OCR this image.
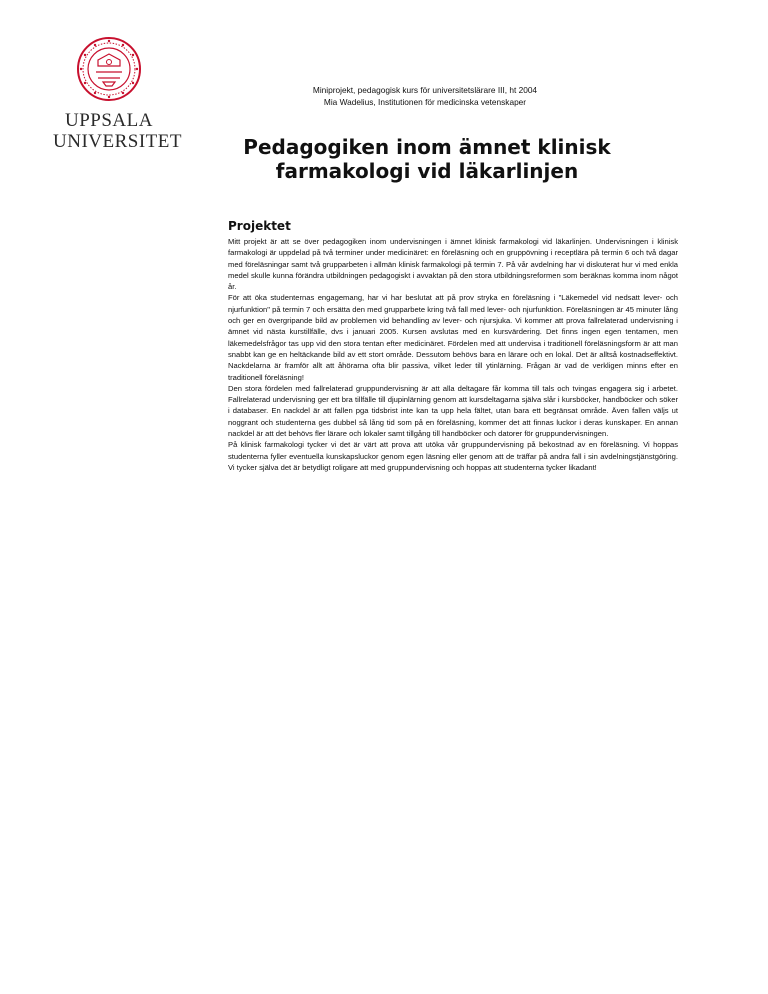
UPPSALA
UNIVERSITET
Miniprojekt, pedagogisk kurs för universitetslärare III, ht 2004
Mia Wadelius, Institutionen för medicinska vetenskaper
Pedagogiken inom ämnet klinisk farmakologi vid läkarlinjen
Projektet

Mitt projekt är att se över pedagogiken inom undervisningen i ämnet klinisk farmakologi vid läkarlinjen. Undervisningen i klinisk farmakologi är uppdelad på två terminer under medicinäret: en föreläsning och en gruppövning i receptlära på termin 6 och två dagar med föreläsningar samt två grupparbeten i allmän klinisk farmakologi på termin 7. På vår avdelning har vi diskuterat hur vi med enkla medel skulle kunna förändra utbildningen pedagogiskt i avvaktan på den stora utbildningsreformen som beräknas komma inom något år.

För att öka studenternas engagemang, har vi har beslutat att på prov stryka en föreläsning i "Läkemedel vid nedsatt lever- och njurfunktion" på termin 7 och ersätta den med grupparbete kring två fall med lever- och njurfunktion. Föreläsningen är 45 minuter lång och ger en övergripande bild av problemen vid behandling av lever- och njursjuka. Vi kommer att prova fallrelaterad undervisning i ämnet vid nästa kurstillfälle, dvs i januari 2005. Kursen avslutas med en kursvärdering. Det finns ingen egen tentamen, men läkemedelsfrågor tas upp vid den stora tentan efter medicinäret. Fördelen med att undervisa i traditionell föreläsningsform är att man snabbt kan ge en heltäckande bild av ett stort område. Dessutom behövs bara en lärare och en lokal. Det är alltså kostnadseffektivt. Nackdelarna är framför allt att åhörarna ofta blir passiva, vilket leder till ytinlärning. Frågan är vad de verkligen minns efter en traditionell föreläsning!

Den stora fördelen med fallrelaterad gruppundervisning är att alla deltagare får komma till tals och tvingas engagera sig i arbetet. Fallrelaterad undervisning ger ett bra tillfälle till djupinlärning genom att kursdeltagarna själva slår i kursböcker, handböcker och söker i databaser. En nackdel är att fallen pga tidsbrist inte kan ta upp hela fältet, utan bara ett begränsat område. Även fallen väljs ut noggrant och studenterna ges dubbel så lång tid som på en föreläsning, kommer det att finnas luckor i deras kunskaper. En annan nackdel är att det behövs fler lärare och lokaler samt tillgång till handböcker och datorer för gruppundervisningen.

På klinisk farmakologi tycker vi det är värt att prova att utöka vår gruppundervisning på bekostnad av en föreläsning. Vi hoppas studenterna fyller eventuella kunskapsluckor genom egen läsning eller genom att de träffar på andra fall i sin avdelningstjänstgöring. Vi tycker själva det är betydligt roligare att med gruppundervisning och hoppas att studenterna tycker likadant!
